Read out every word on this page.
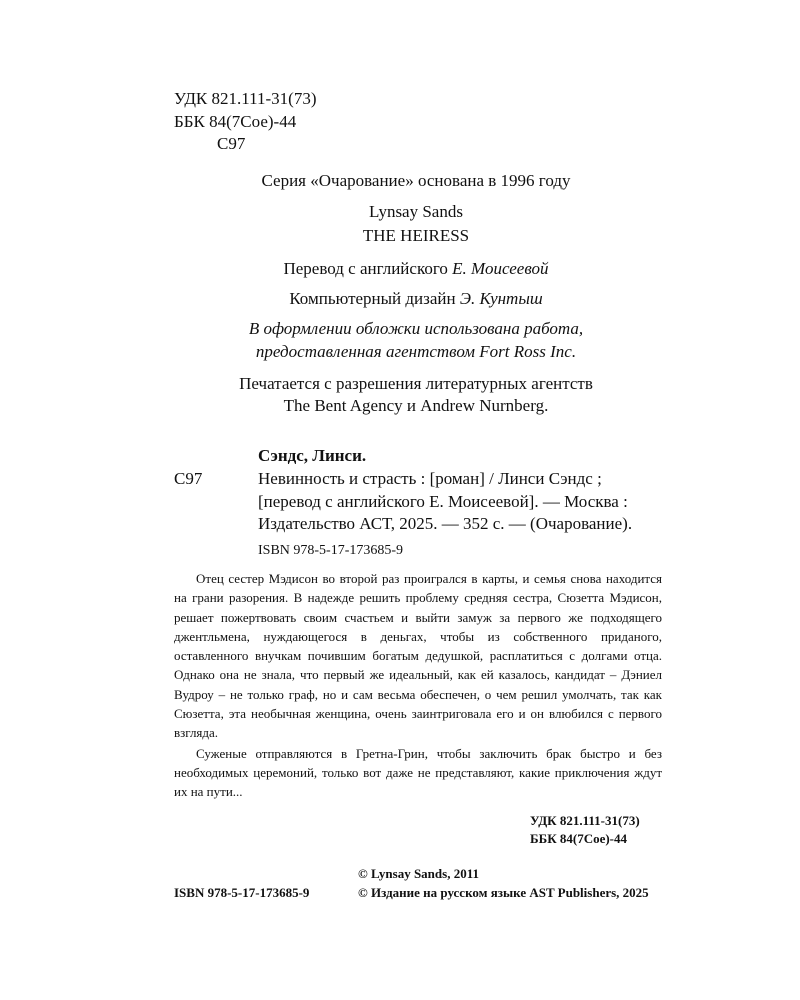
УДК 821.111-31(73)
ББК 84(7Сое)-44
С97
Серия «Очарование» основана в 1996 году
Lynsay Sands
THE HEIRESS
Перевод с английского Е. Моисеевой
Компьютерный дизайн Э. Кунтыш
В оформлении обложки использована работа,
предоставленная агентством Fort Ross Inc.
Печатается с разрешения литературных агентств
The Bent Agency и Andrew Nurnberg.
Сэндс, Линси.
С97	Невинность и страсть : [роман] / Линси Сэндс ;
[перевод с английского Е. Моисеевой]. — Москва :
Издательство АСТ, 2025. — 352 с. — (Очарование).
ISBN 978-5-17-173685-9

Отец сестер Мэдисон во второй раз проигрался в карты, и семья снова находится на грани разорения. В надежде решить проблему средняя сестра, Сюзетта Мэдисон, решает пожертвовать своим счастьем и выйти замуж за первого же подходящего джентльмена, нуждающегося в деньгах, чтобы из собственного приданого, оставленного внучкам почившим богатым дедушкой, расплатиться с долгами отца. Однако она не знала, что первый же идеальный, как ей казалось, кандидат – Дэниел Вудроу – не только граф, но и сам весьма обеспечен, о чем решил умолчать, так как Сюзетта, эта необычная женщина, очень заинтриговала его и он влюбился с первого взгляда.

Суженые отправляются в Гретна-Грин, чтобы заключить брак быстро и без необходимых церемоний, только вот даже не представляют, какие приключения ждут их на пути...

УДК 821.111-31(73)
ББК 84(7Сое)-44
© Lynsay Sands, 2011
ISBN 978-5-17-173685-9	© Издание на русском языке AST Publishers, 2025
